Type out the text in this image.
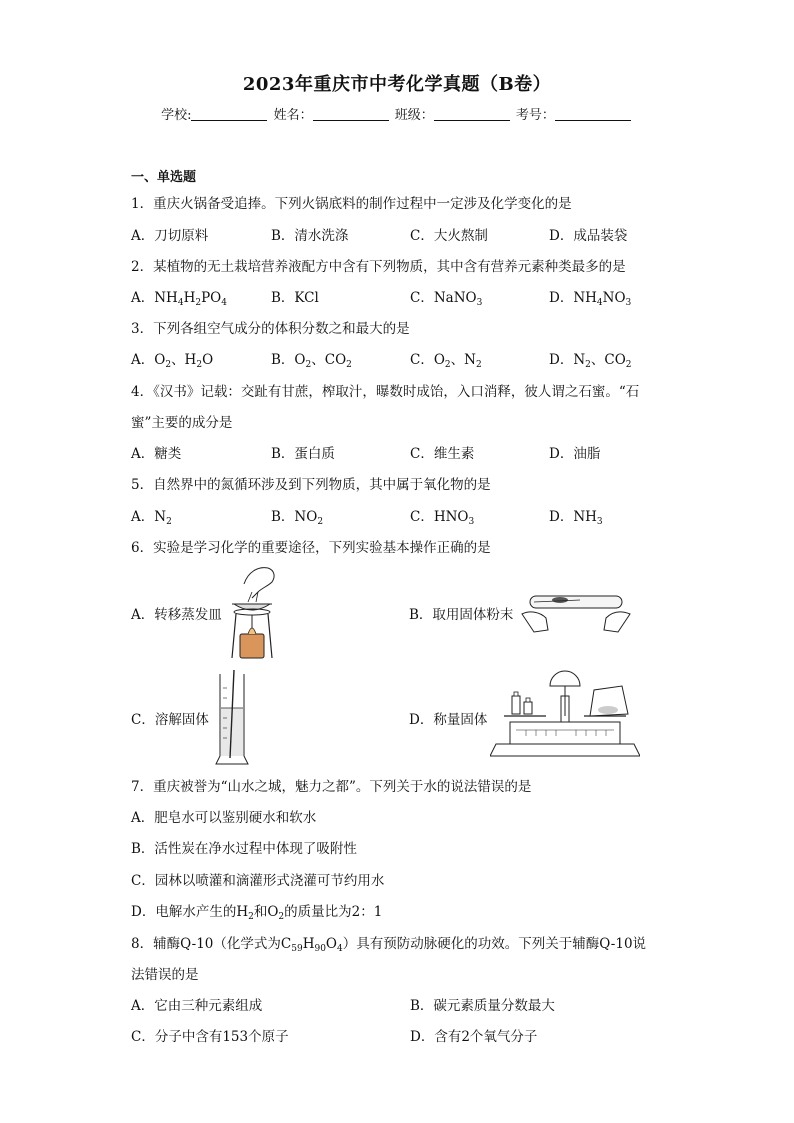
2023年重庆市中考化学真题（B卷）
学校:	姓名：	班级：	考号：
一、单选题
1．重庆火锅备受追捧。下列火锅底料的制作过程中一定涉及化学变化的是
A．刀切原料	B．清水洗涤	C．大火熬制	D．成品装袋
2．某植物的无土栽培营养液配方中含有下列物质，其中含有营养元素种类最多的是
A．$NH_4H_2PO_4$	B．KCl	C．NaNO$_3$	D．$NH_4NO_3$
3．下列各组空气成分的体积分数之和最大的是
A．$O_2$、$H_2O$	B．$O_2$、$CO_2$	C．$O_2$、$N_2$	D．$N_2$、$CO_2$
4．《汉书》记载：交趾有甘蔗，榨取汁，曝数时成饴，入口消释，彼人谓之石蜜。“石
蜜”主要的成分是
A．糖类	B．蛋白质	C．维生素	D．油脂
5．自然界中的氮循环涉及到下列物质，其中属于氧化物的是
A．$N_2$	B．$NO_2$	C．$HNO_3$	D．$NH_3$
6．实验是学习化学的重要途径，下列实验基本操作正确的是
A．转移蒸发皿	B．取用固体粉末
C．溶解固体	D．称量固体
7．重庆被誉为“山水之城，魅力之都”。下列关于水的说法错误的是
A．肥皂水可以鉴别硬水和软水
B．活性炭在净水过程中体现了吸附性
C．园林以喷灌和滴灌形式浇灌可节约用水
D．电解水产生的$H_2$和$O_2$的质量比为2：1
8．辅酶Q-10（化学式为$C_{59}H_{90}O_4$）具有预防动脉硬化的功效。下列关于辅酶Q-10说
法错误的是
A．它由三种元素组成	B．碳元素质量分数最大
C．分子中含有153个原子	D．含有2个氧气分子
